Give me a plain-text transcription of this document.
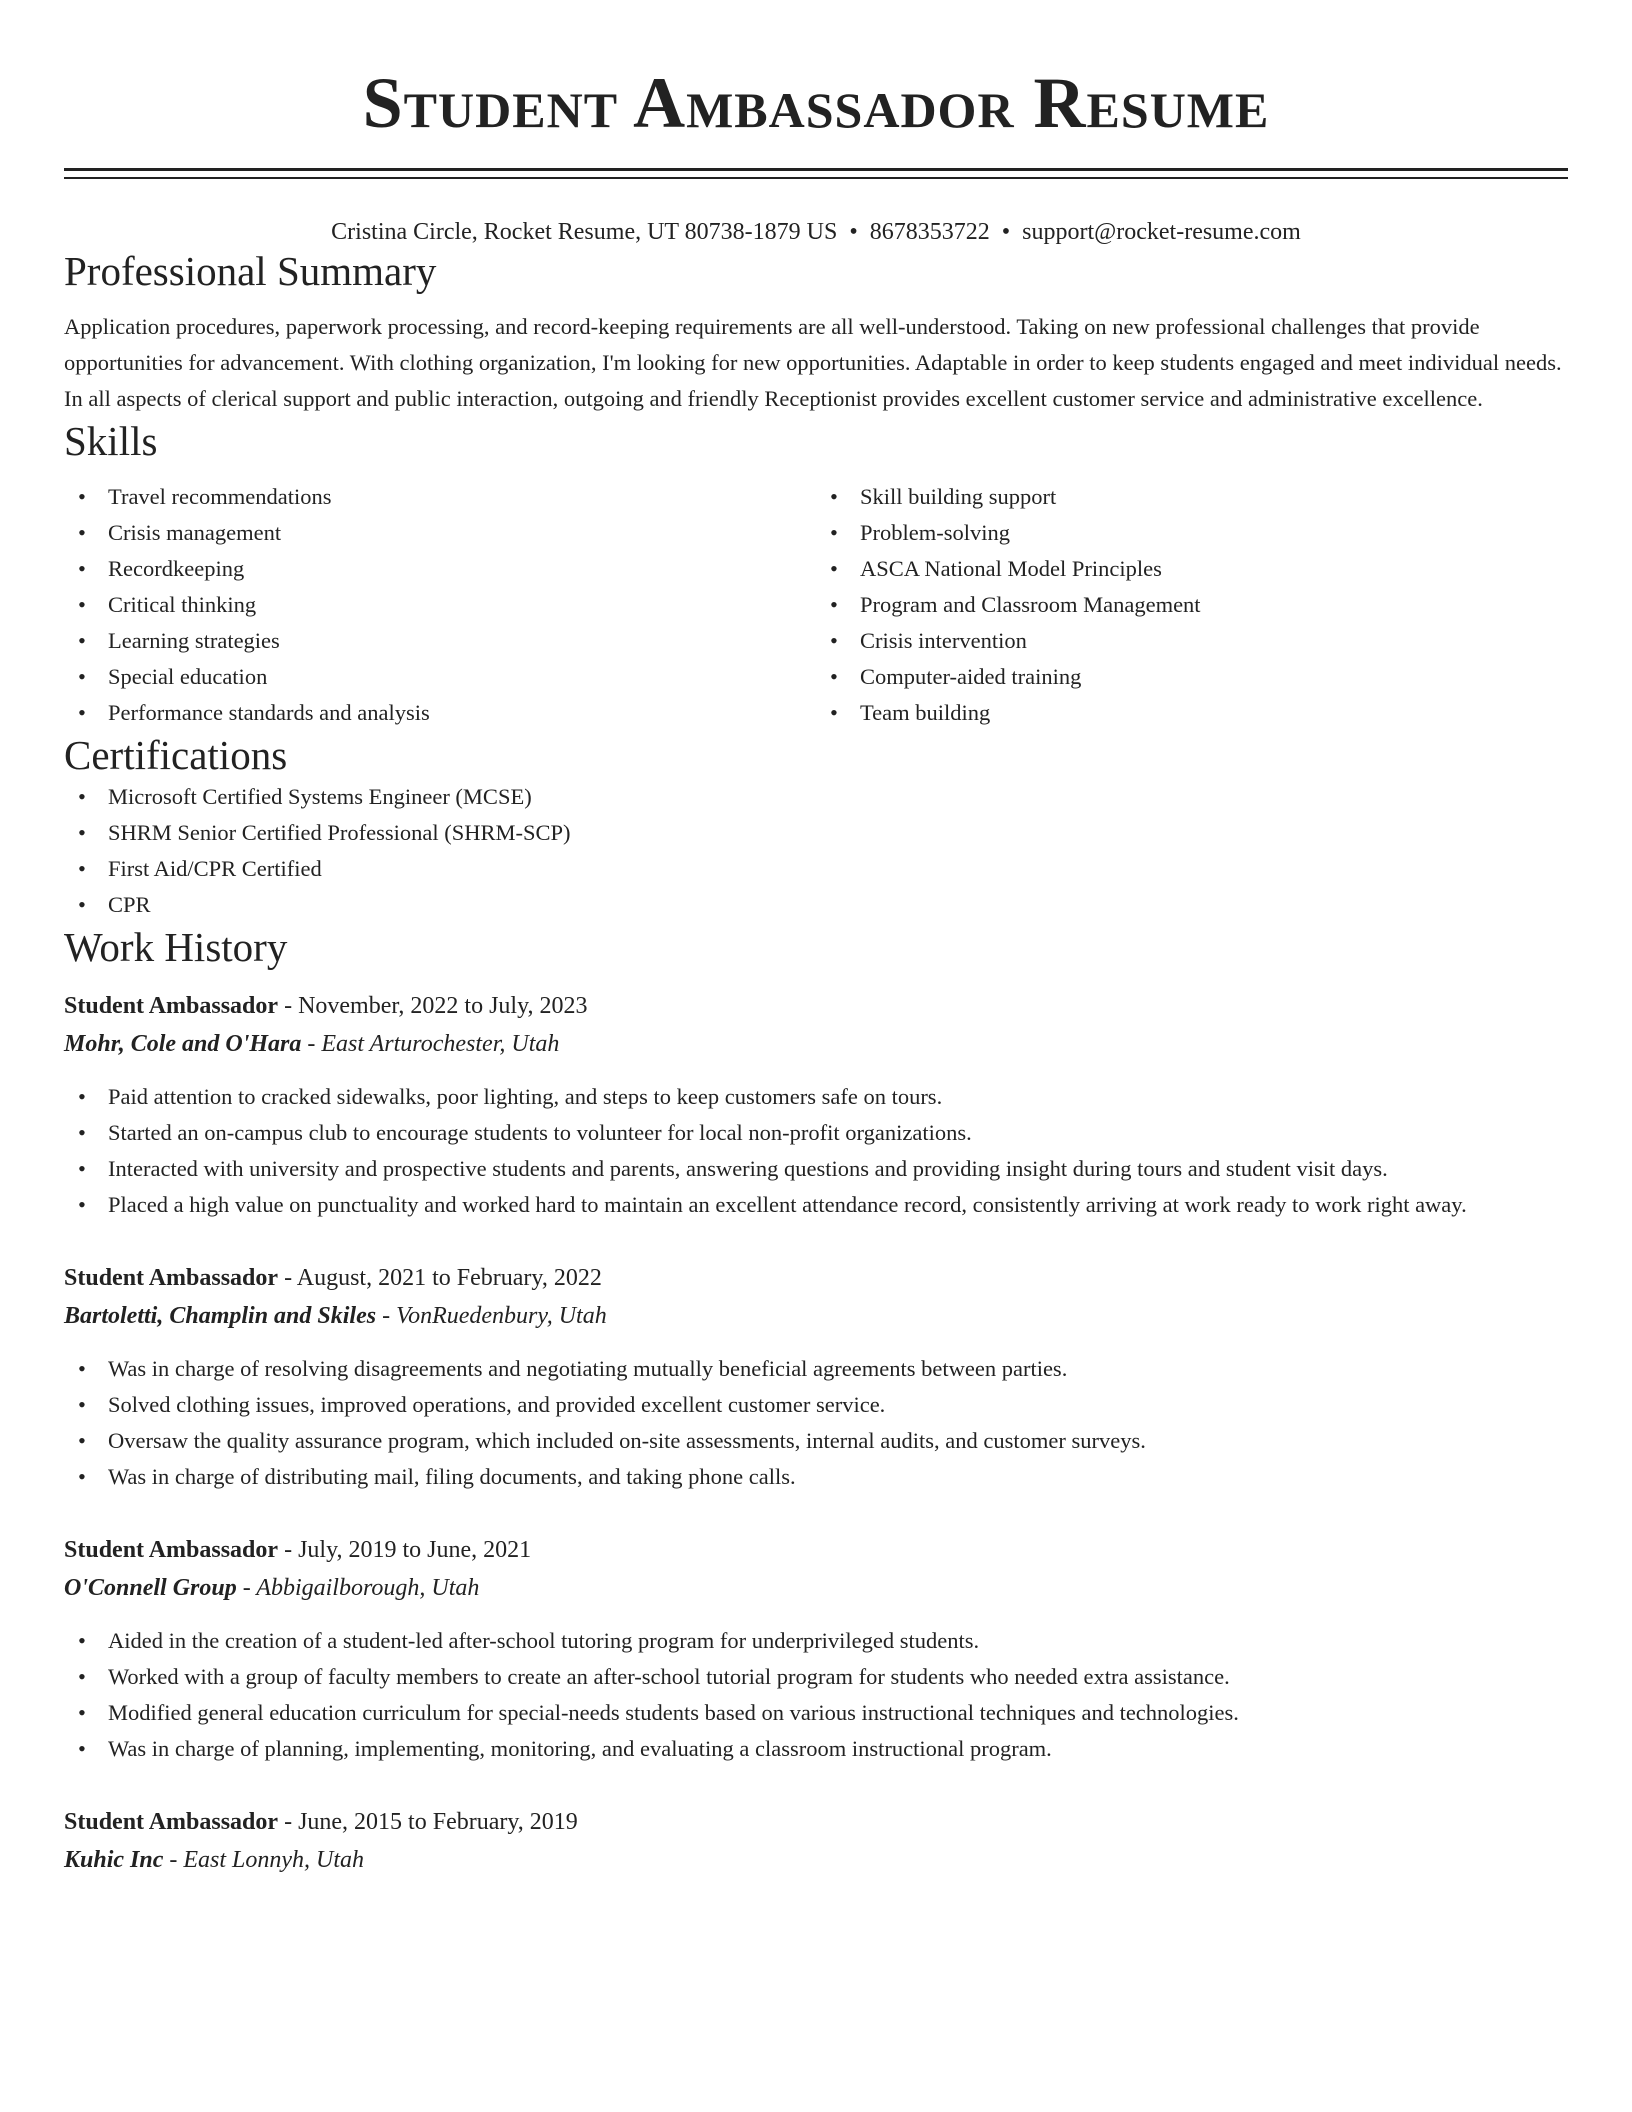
Student Ambassador Resume
Cristina Circle, Rocket Resume, UT 80738-1879 US • 8678353722 • support@rocket-resume.com
Professional Summary

Application procedures, paperwork processing, and record-keeping requirements are all well-understood. Taking on new professional challenges that provide opportunities for advancement. With clothing organization, I'm looking for new opportunities. Adaptable in order to keep students engaged and meet individual needs. In all aspects of clerical support and public interaction, outgoing and friendly Receptionist provides excellent customer service and administrative excellence.

Skills
• Travel recommendations
• Crisis management
• Recordkeeping
• Critical thinking
• Learning strategies
• Special education
• Performance standards and analysis
• Skill building support
• Problem-solving
• ASCA National Model Principles
• Program and Classroom Management
• Crisis intervention
• Computer-aided training
• Team building
Certifications
• Microsoft Certified Systems Engineer (MCSE)
• SHRM Senior Certified Professional (SHRM-SCP)
• First Aid/CPR Certified
• CPR
Work History
Student Ambassador - November, 2022 to July, 2023
Mohr, Cole and O'Hara - East Arturochester, Utah
• Paid attention to cracked sidewalks, poor lighting, and steps to keep customers safe on tours.
• Started an on-campus club to encourage students to volunteer for local non-profit organizations.
• Interacted with university and prospective students and parents, answering questions and providing insight during tours and student visit days.
• Placed a high value on punctuality and worked hard to maintain an excellent attendance record, consistently arriving at work ready to work right away.
Student Ambassador - August, 2021 to February, 2022
Bartoletti, Champlin and Skiles - VonRuedenbury, Utah
• Was in charge of resolving disagreements and negotiating mutually beneficial agreements between parties.
• Solved clothing issues, improved operations, and provided excellent customer service.
• Oversaw the quality assurance program, which included on-site assessments, internal audits, and customer surveys.
• Was in charge of distributing mail, filing documents, and taking phone calls.
Student Ambassador - July, 2019 to June, 2021
O'Connell Group - Abbigailborough, Utah
• Aided in the creation of a student-led after-school tutoring program for underprivileged students.
• Worked with a group of faculty members to create an after-school tutorial program for students who needed extra assistance.
• Modified general education curriculum for special-needs students based on various instructional techniques and technologies.
• Was in charge of planning, implementing, monitoring, and evaluating a classroom instructional program.
Student Ambassador - June, 2015 to February, 2019
Kuhic Inc - East Lonnyh, Utah
